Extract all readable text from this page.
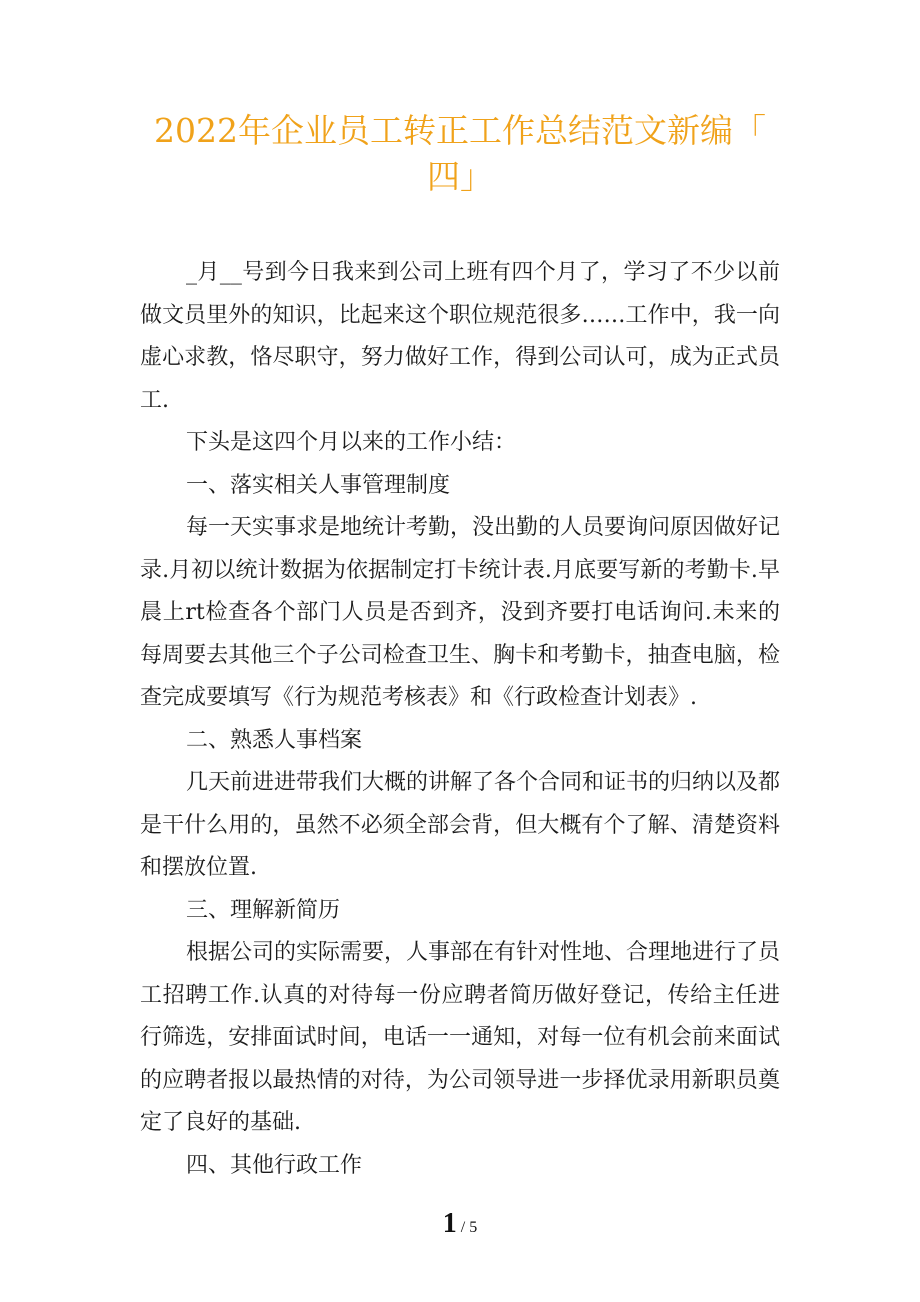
2022年企业员工转正工作总结范文新编「
四」

_月__号到今日我来到公司上班有四个月了，学习了不少以前做文员里外的知识，比起来这个职位规范很多……工作中，我一向虚心求教，恪尽职守，努力做好工作，得到公司认可，成为正式员工.

下头是这四个月以来的工作小结：

一、落实相关人事管理制度

每一天实事求是地统计考勤，没出勤的人员要询问原因做好记录.月初以统计数据为依据制定打卡统计表.月底要写新的考勤卡.早晨上rt检查各个部门人员是否到齐，没到齐要打电话询问.未来的每周要去其他三个子公司检查卫生、胸卡和考勤卡，抽查电脑，检查完成要填写《行为规范考核表》和《行政检查计划表》.

二、熟悉人事档案

几天前进进带我们大概的讲解了各个合同和证书的归纳以及都是干什么用的，虽然不必须全部会背，但大概有个了解、清楚资料和摆放位置.

三、理解新简历

根据公司的实际需要，人事部在有针对性地、合理地进行了员工招聘工作.认真的对待每一份应聘者简历做好登记，传给主任进行筛选，安排面试时间，电话一一通知，对每一位有机会前来面试的应聘者报以最热情的对待，为公司领导进一步择优录用新职员奠定了良好的基础.

四、其他行政工作

1 / 5
